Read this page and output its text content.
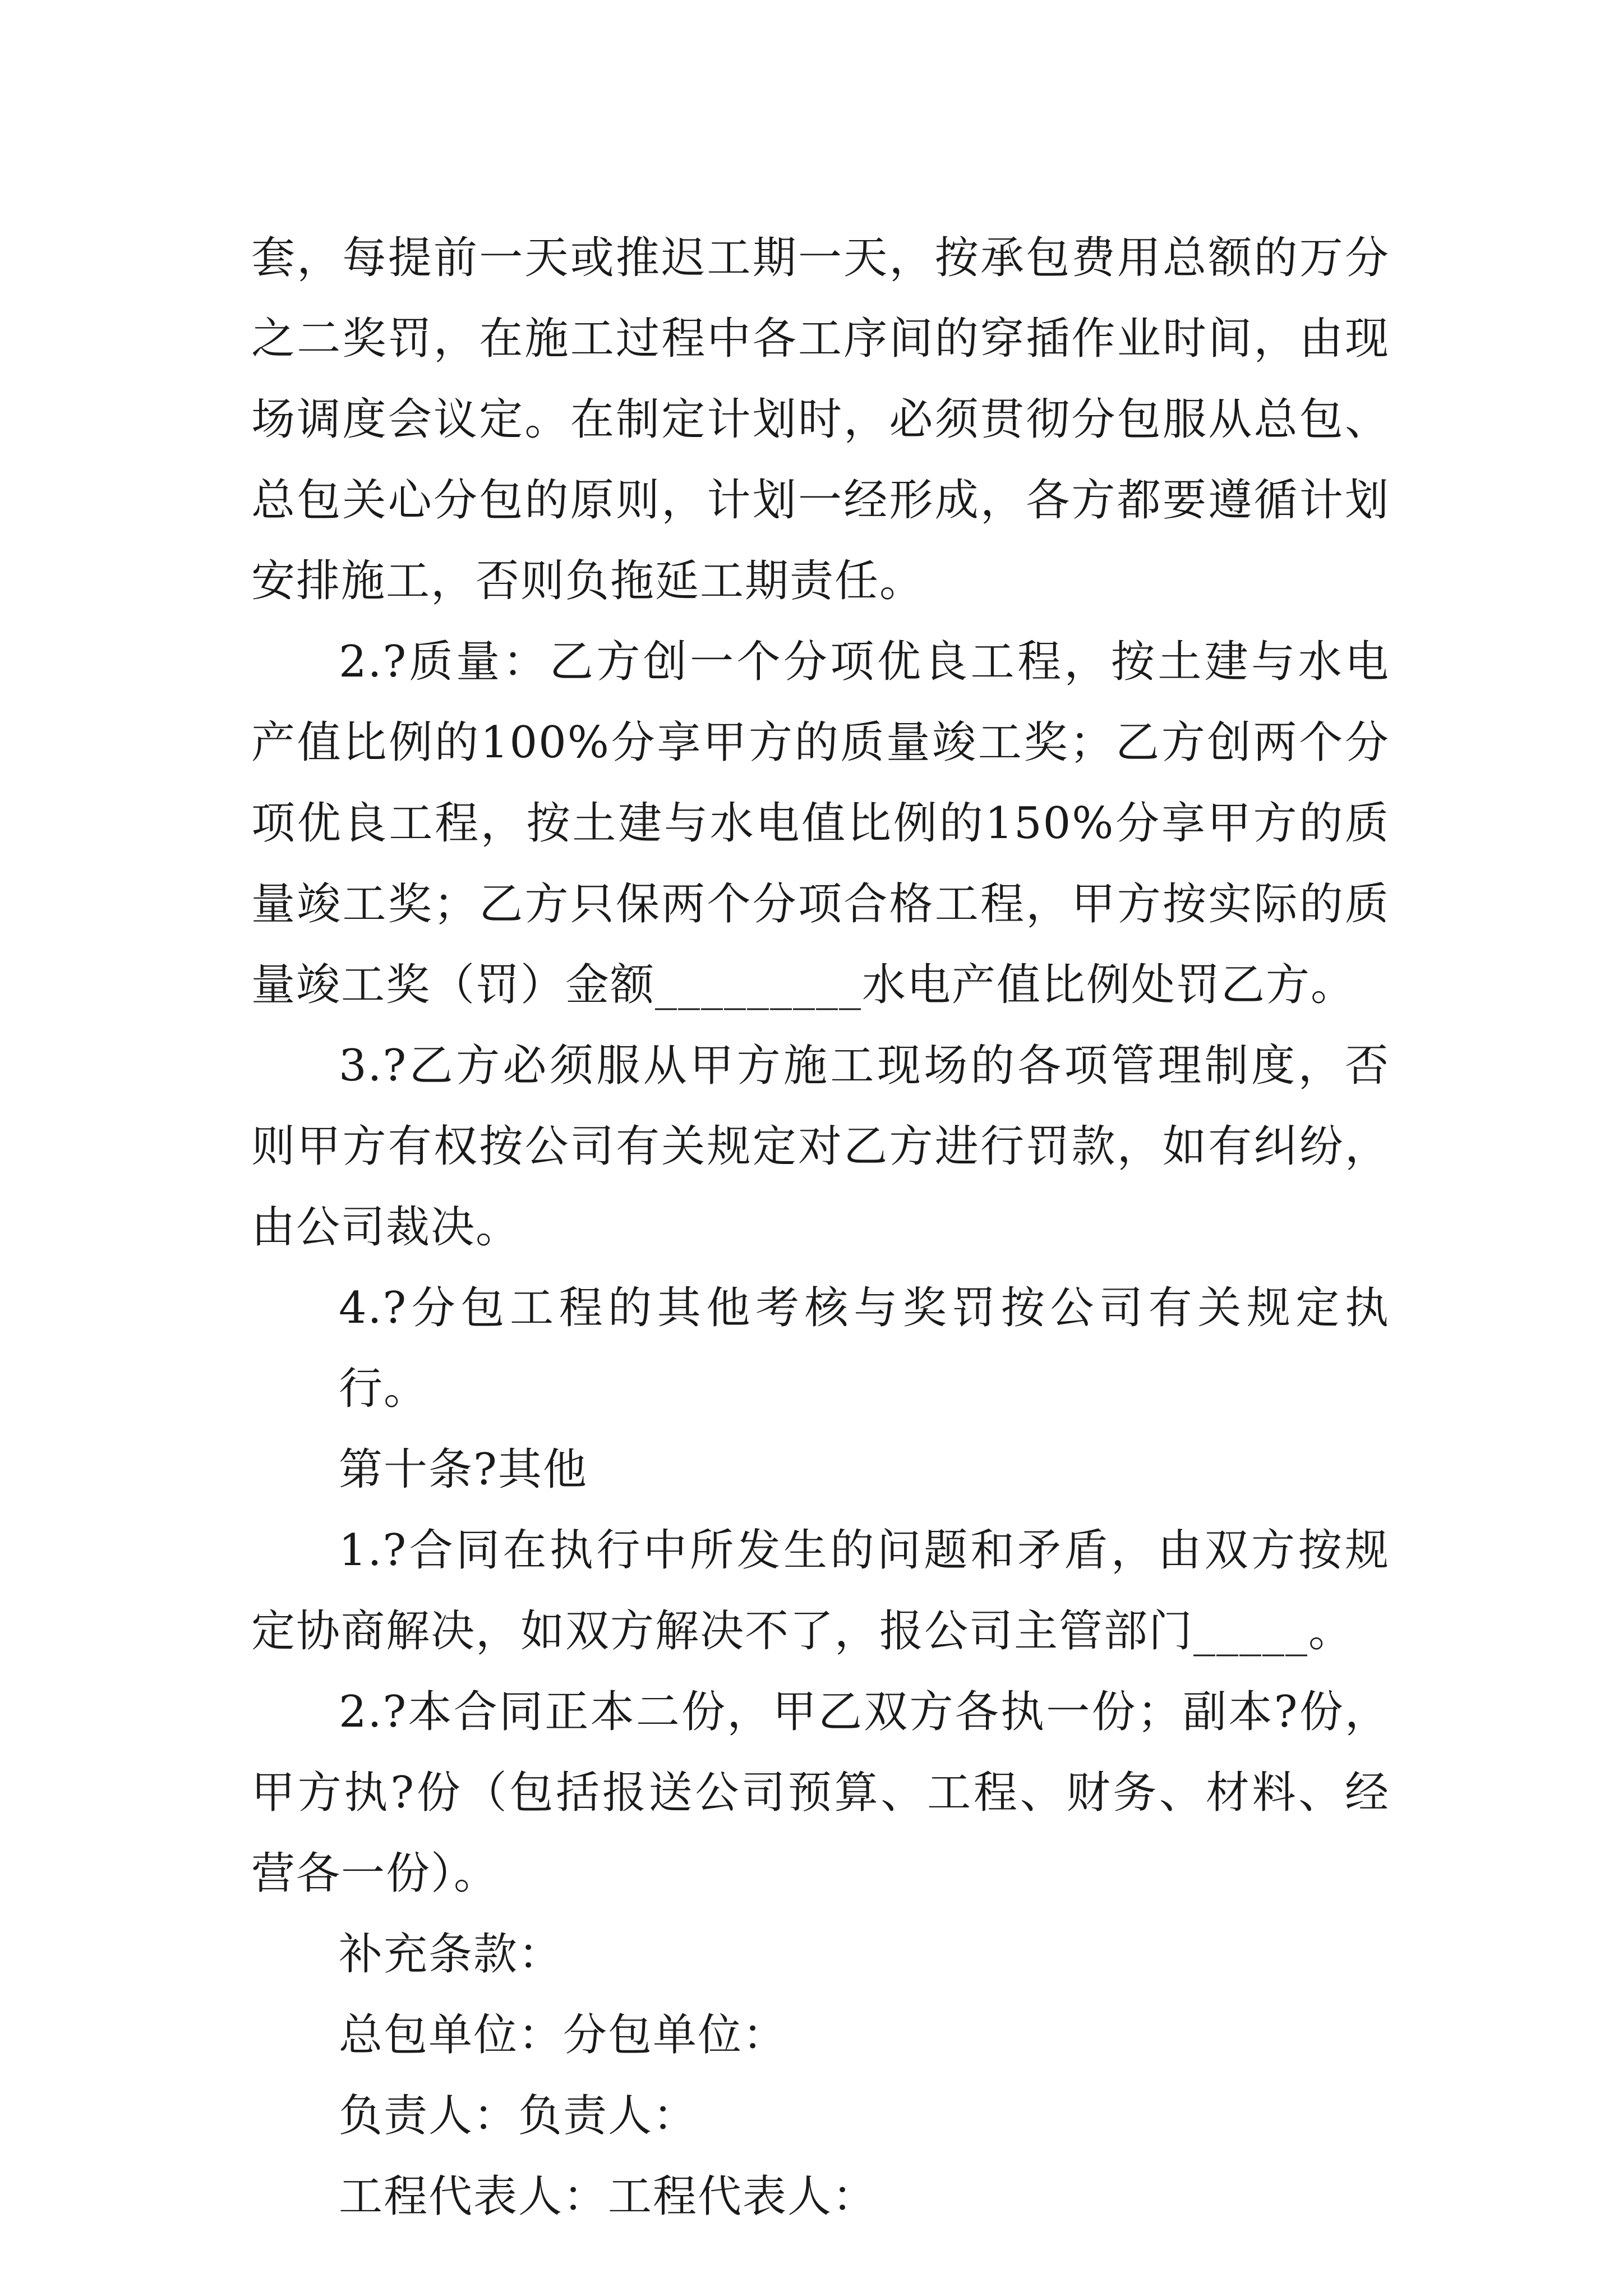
套，每提前一天或推迟工期一天，按承包费用总额的万分之二奖罚，在施工过程中各工序间的穿插作业时间，由现场调度会议定。在制定计划时，必须贯彻分包服从总包、总包关心分包的原则，计划一经形成，各方都要遵循计划安排施工，否则负拖延工期责任。

2.?质量：乙方创一个分项优良工程，按土建与水电产值比例的100%分享甲方的质量竣工奖；乙方创两个分项优良工程，按土建与水电值比例的150%分享甲方的质量竣工奖；乙方只保两个分项合格工程，甲方按实际的质量竣工奖（罚）金额_________水电产值比例处罚乙方。

3.?乙方必须服从甲方施工现场的各项管理制度，否则甲方有权按公司有关规定对乙方进行罚款，如有纠纷，由公司裁决。

4.?分包工程的其他考核与奖罚按公司有关规定执行。

第十条?其他

1.?合同在执行中所发生的问题和矛盾，由双方按规定协商解决，如双方解决不了，报公司主管部门_____。

2.?本合同正本二份，甲乙双方各执一份；副本?份，甲方执?份（包括报送公司预算、工程、财务、材料、经营各一份）。

补充条款：

总包单位：分包单位：

负责人：负责人：

工程代表人：工程代表人：
